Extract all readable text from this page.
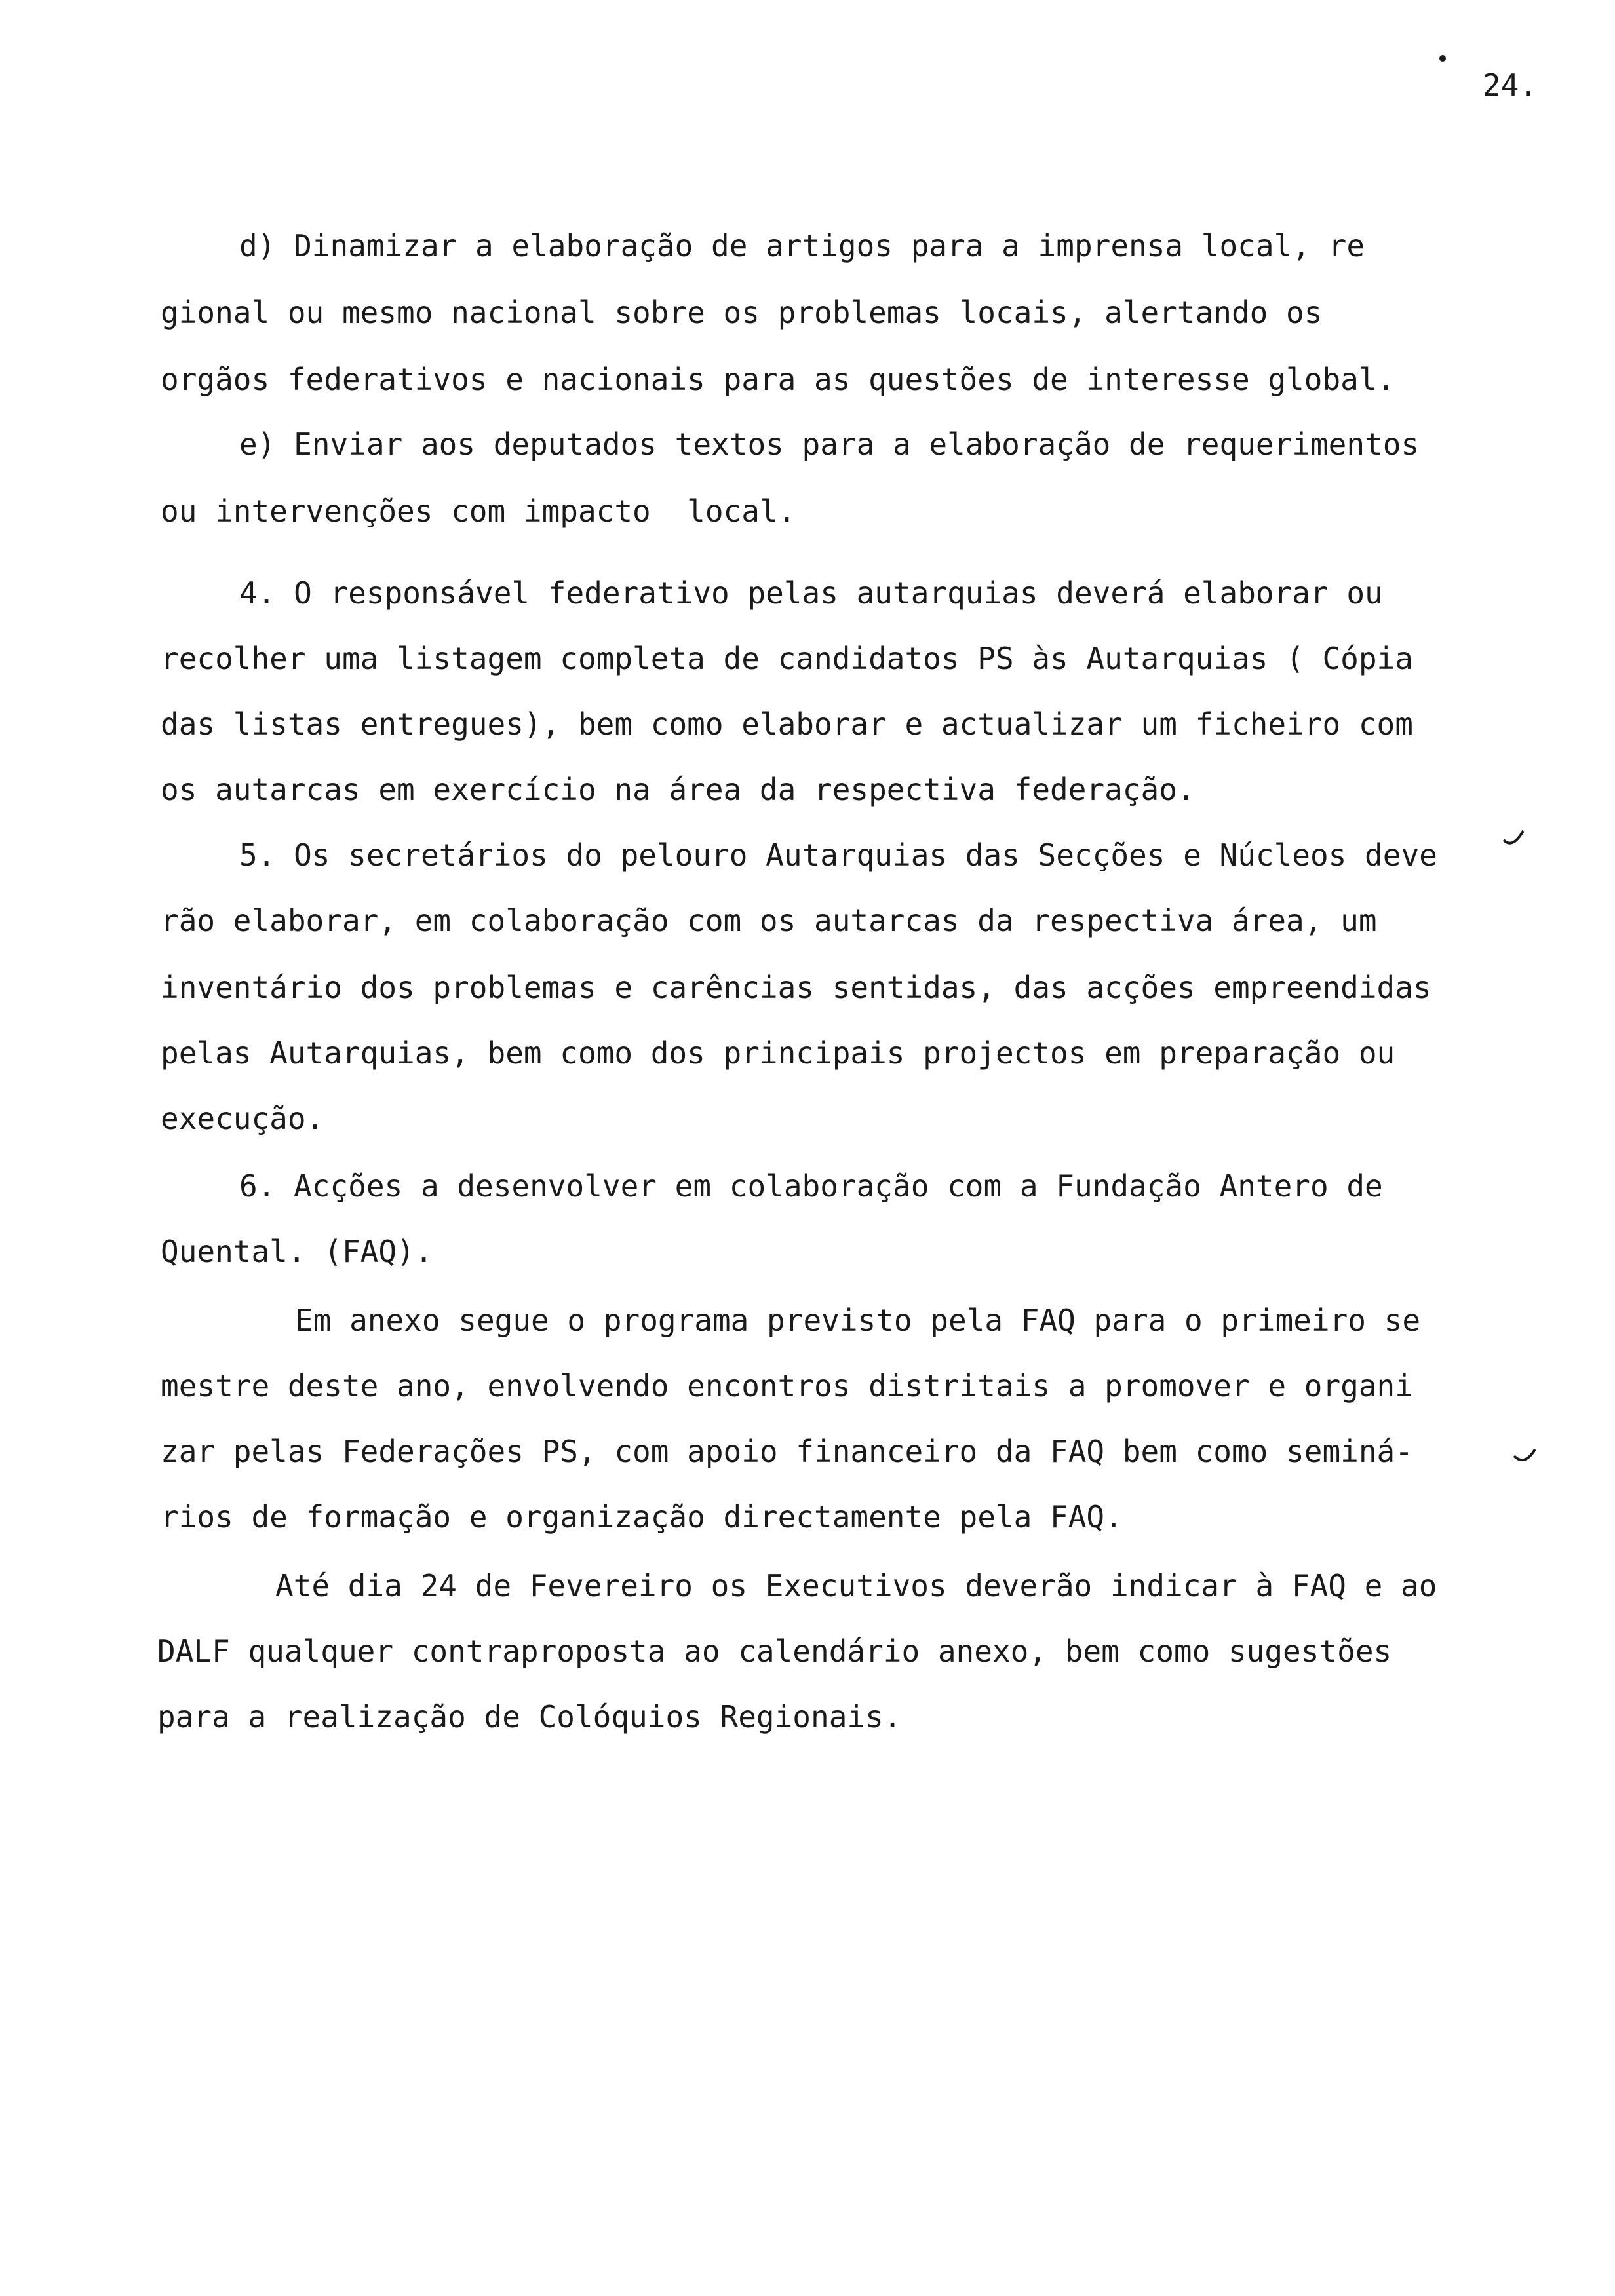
24.
d) Dinamizar a elaboração de artigos para a imprensa local, re
gional ou mesmo nacional sobre os problemas locais, alertando os
orgãos federativos e nacionais para as questões de interesse global.
e) Enviar aos deputados textos para a elaboração de requerimentos
ou intervenções com impacto  local.
4. O responsável federativo pelas autarquias deverá elaborar ou
recolher uma listagem completa de candidatos PS às Autarquias ( Cópia
das listas entregues), bem como elaborar e actualizar um ficheiro com
os autarcas em exercício na área da respectiva federação.
5. Os secretários do pelouro Autarquias das Secções e Núcleos deve
rão elaborar, em colaboração com os autarcas da respectiva área, um
inventário dos problemas e carências sentidas, das acções empreendidas
pelas Autarquias, bem como dos principais projectos em preparação ou
execução.
6. Acções a desenvolver em colaboração com a Fundação Antero de
Quental. (FAQ).
Em anexo segue o programa previsto pela FAQ para o primeiro se
mestre deste ano, envolvendo encontros distritais a promover e organi
zar pelas Federações PS, com apoio financeiro da FAQ bem como seminá-
rios de formação e organização directamente pela FAQ.
Até dia 24 de Fevereiro os Executivos deverão indicar à FAQ e ao
DALF qualquer contraproposta ao calendário anexo, bem como sugestões
para a realização de Colóquios Regionais.
